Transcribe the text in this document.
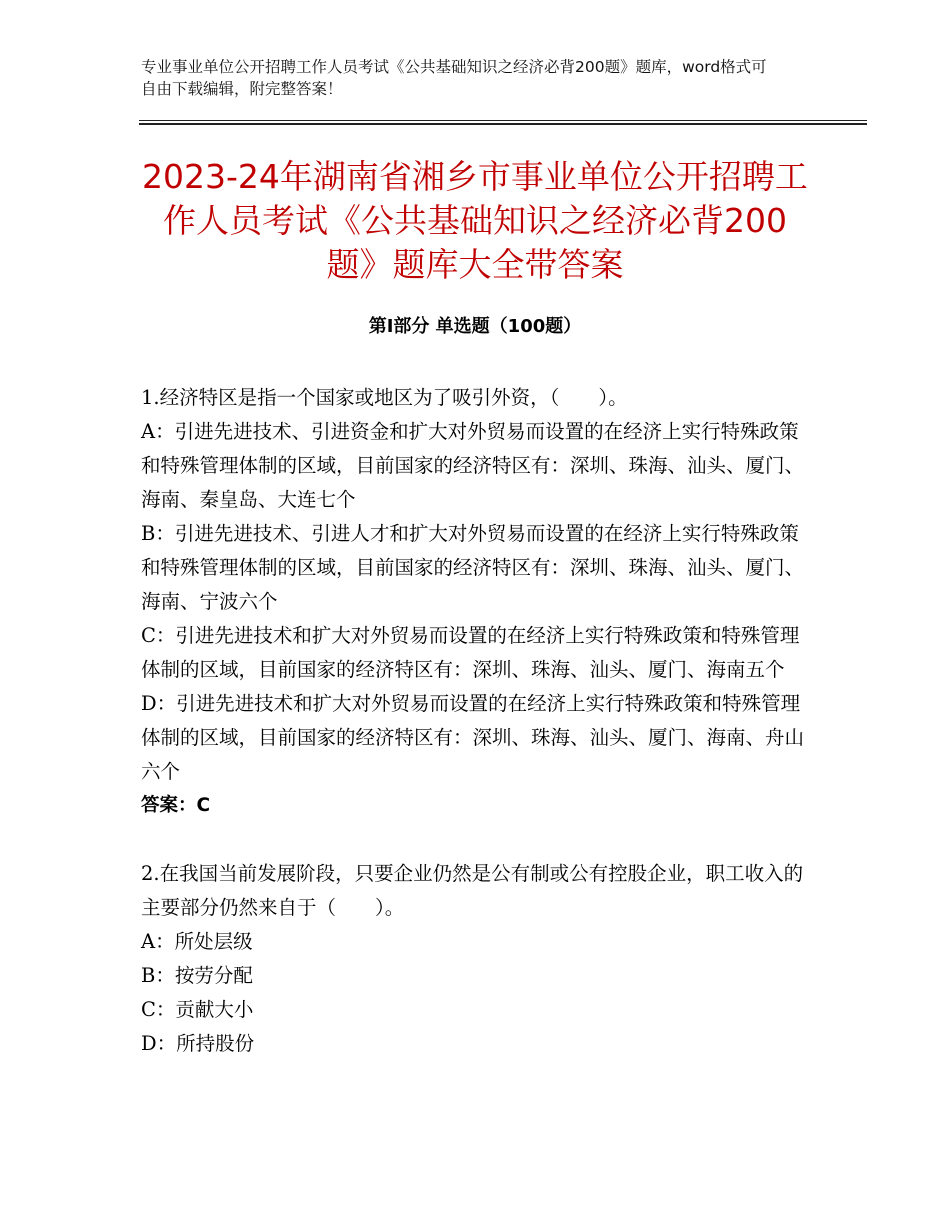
专业事业单位公开招聘工作人员考试《公共基础知识之经济必背200题》题库，word格式可自由下载编辑，附完整答案！
2023-24年湖南省湘乡市事业单位公开招聘工作人员考试《公共基础知识之经济必背200题》题库大全带答案
第Ⅰ部分 单选题（100题）

1.经济特区是指一个国家或地区为了吸引外资，（　　）。

A：引进先进技术、引进资金和扩大对外贸易而设置的在经济上实行特殊政策和特殊管理体制的区域，目前国家的经济特区有：深圳、珠海、汕头、厦门、海南、秦皇岛、大连七个

B：引进先进技术、引进人才和扩大对外贸易而设置的在经济上实行特殊政策和特殊管理体制的区域，目前国家的经济特区有：深圳、珠海、汕头、厦门、海南、宁波六个

C：引进先进技术和扩大对外贸易而设置的在经济上实行特殊政策和特殊管理体制的区域，目前国家的经济特区有：深圳、珠海、汕头、厦门、海南五个

D：引进先进技术和扩大对外贸易而设置的在经济上实行特殊政策和特殊管理体制的区域，目前国家的经济特区有：深圳、珠海、汕头、厦门、海南、舟山六个

答案：C

2.在我国当前发展阶段，只要企业仍然是公有制或公有控股企业，职工收入的主要部分仍然来自于（　　）。

A：所处层级

B：按劳分配

C：贡献大小

D：所持股份
